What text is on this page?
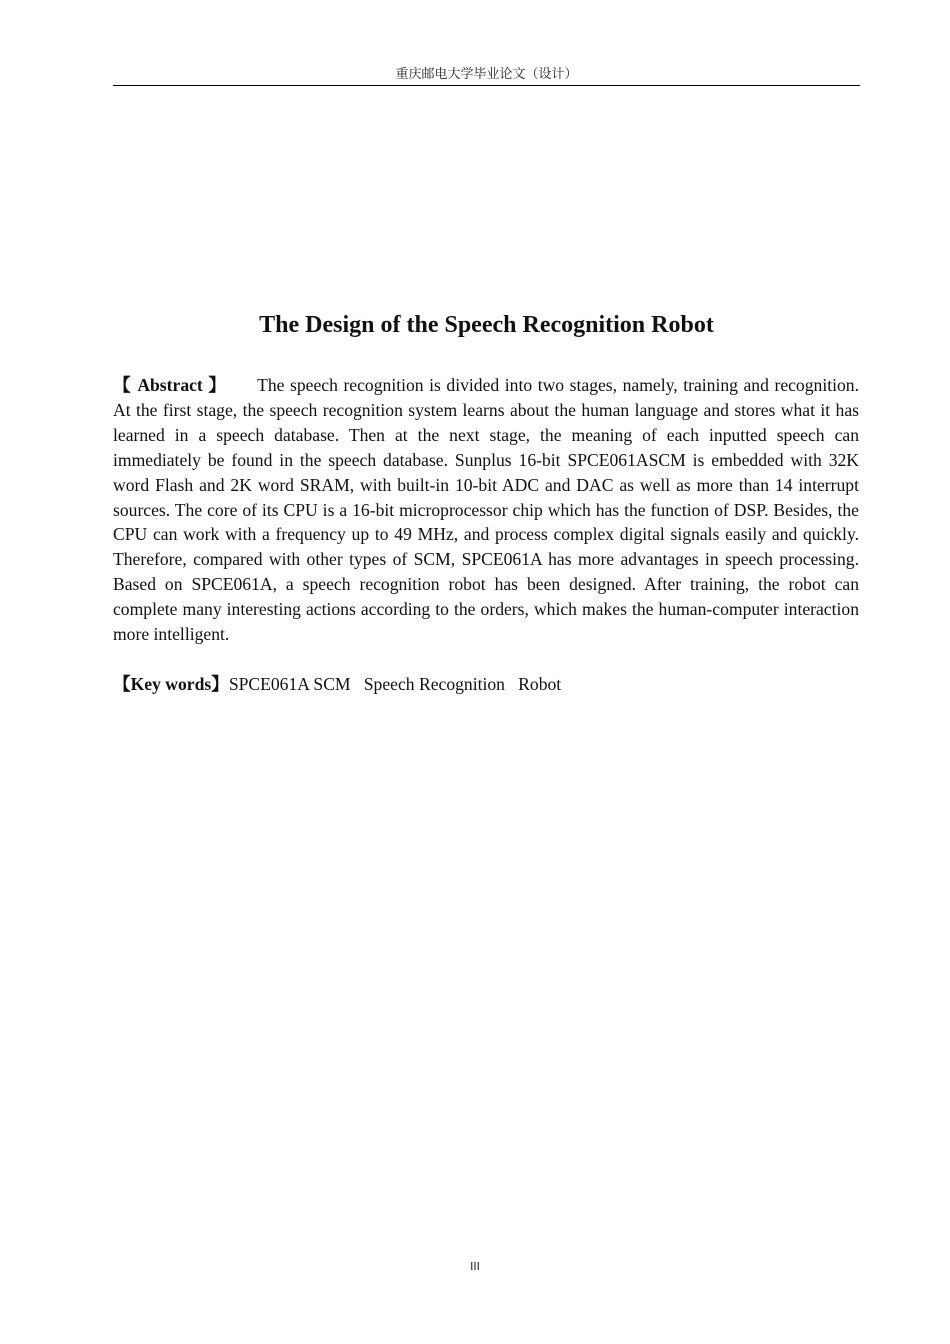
重庆邮电大学毕业论文（设计）
The Design of the Speech Recognition Robot

【 Abstract 】 The speech recognition is divided into two stages, namely, training and recognition. At the first stage, the speech recognition system learns about the human language and stores what it has learned in a speech database. Then at the next stage, the meaning of each inputted speech can immediately be found in the speech database. Sunplus 16-bit SPCE061ASCM is embedded with 32K word Flash and 2K word SRAM, with built-in 10-bit ADC and DAC as well as more than 14 interrupt sources. The core of its CPU is a 16-bit microprocessor chip which has the function of DSP. Besides, the CPU can work with a frequency up to 49 MHz, and process complex digital signals easily and quickly. Therefore, compared with other types of SCM, SPCE061A has more advantages in speech processing. Based on SPCE061A, a speech recognition robot has been designed. After training, the robot can complete many interesting actions according to the orders, which makes the human-computer interaction more intelligent.

【Key words】SPCE061A SCM   Speech Recognition   Robot

III
